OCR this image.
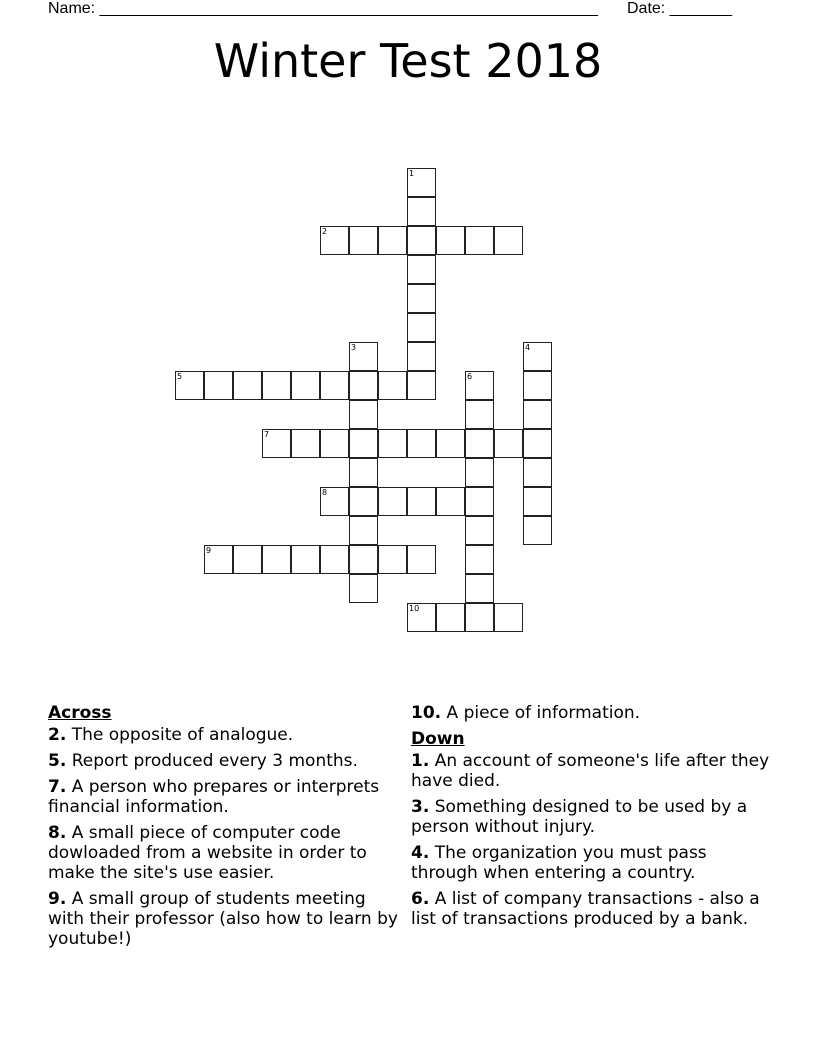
Name: ________________________________________________________ Date: _______
Winter Test 2018
1
2
3	4
5	6
7
8
9
10
Across
2. The opposite of analogue.
5. Report produced every 3 months.
7. A person who prepares or interprets financial information.
8. A small piece of computer code dowloaded from a website in order to make the site's use easier.
9. A small group of students meeting with their professor (also how to learn by youtube!)
10. A piece of information.
Down
1. An account of someone's life after they have died.
3. Something designed to be used by a person without injury.
4. The organization you must pass through when entering a country.
6. A list of company transactions - also a list of transactions produced by a bank.
